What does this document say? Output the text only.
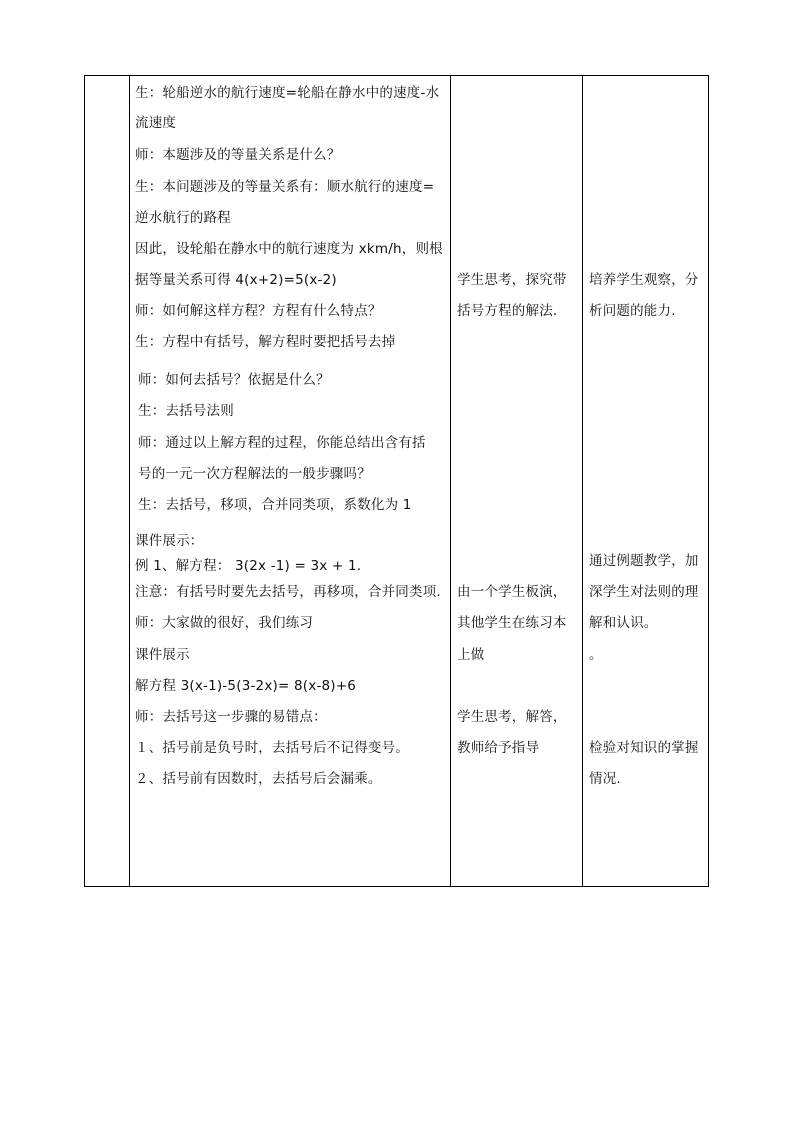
生：轮船逆水的航行速度=轮船在静水中的速度-水
流速度
师：本题涉及的等量关系是什么？
生：本问题涉及的等量关系有：顺水航行的速度=
逆水航行的路程
因此，设轮船在静水中的航行速度为 xkm/h，则根
据等量关系可得 4(x+2)=5(x-2)
师：如何解这样方程？方程有什么特点？
生：方程中有括号，解方程时要把括号去掉
师：如何去括号？依据是什么？
生：去括号法则
师：通过以上解方程的过程，你能总结出含有括
号的一元一次方程解法的一般步骤吗？
生：去括号，移项，合并同类项，系数化为 1
课件展示：
例 1、解方程： 3(2x -1) = 3x + 1.
注意：有括号时要先去括号，再移项，合并同类项.
师：大家做的很好，我们练习
课件展示
解方程 3(x-1)-5(3-2x)= 8(x-8)+6
师：去括号这一步骤的易错点：
１、括号前是负号时，去括号后不记得变号。
２、括号前有因数时，去括号后会漏乘。
学生思考，探究带
括号方程的解法.
由一个学生板演，
其他学生在练习本
上做
学生思考，解答，
教师给予指导
培养学生观察，分
析问题的能力.
通过例题教学，加
深学生对法则的理
解和认识。
。
检验对知识的掌握
情况.
